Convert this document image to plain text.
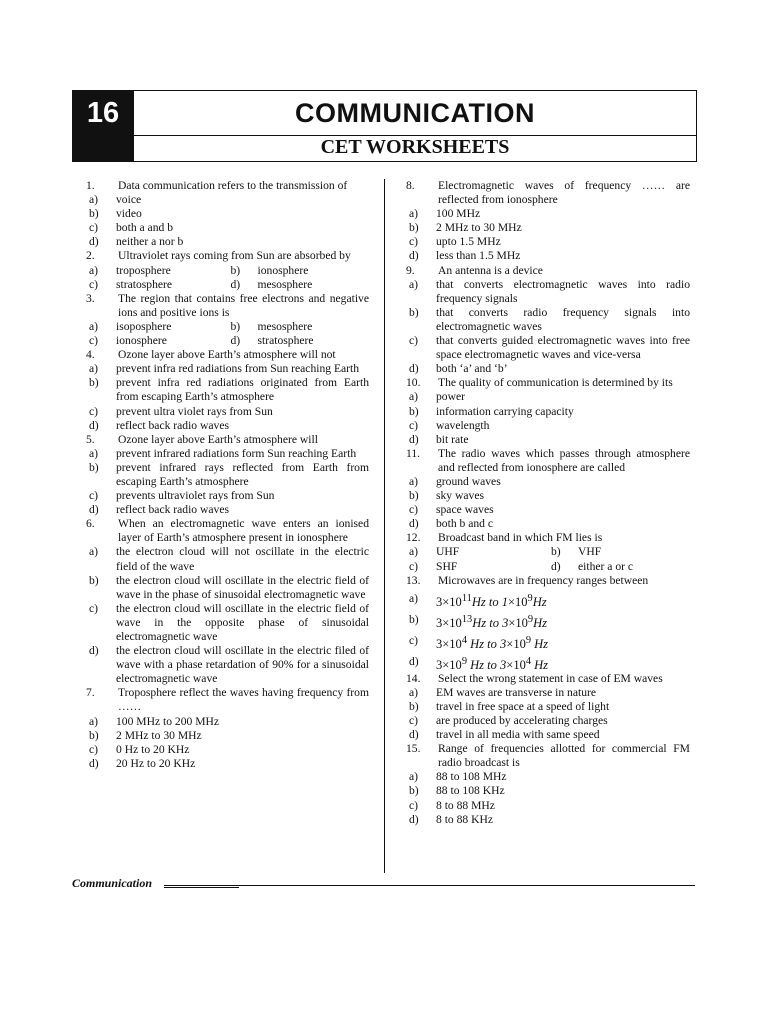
16	COMMUNICATION
CET WORKSHEETS
1. Data communication refers to the transmission of
a) voice
b) video
c) both a and b
d) neither a nor b
2. Ultraviolet rays coming from Sun are absorbed by
a) troposphere	b) ionosphere
c) stratosphere	d) mesosphere
3. The region that contains free electrons and negative ions and positive ions is
a) isoposphere	b) mesosphere
c) ionosphere	d) stratosphere
4. Ozone layer above Earth’s atmosphere will not
a) prevent infra red radiations from Sun reaching Earth
b) prevent infra red radiations originated from Earth from escaping Earth’s atmosphere
c) prevent ultra violet rays from Sun
d) reflect back radio waves
5. Ozone layer above Earth’s atmosphere will
a) prevent infrared radiations form Sun reaching Earth
b) prevent infrared rays reflected from Earth from escaping Earth’s atmosphere
c) prevents ultraviolet rays from Sun
d) reflect back radio waves
6. When an electromagnetic wave enters an ionised layer of Earth’s atmosphere present in ionosphere
a) the electron cloud will not oscillate in the electric field of the wave
b) the electron cloud will oscillate in the electric field of wave in the phase of sinusoidal electromagnetic wave
c) the electron cloud will oscillate in the electric field of wave in the opposite phase of sinusoidal electromagnetic wave
d) the electron cloud will oscillate in the electric filed of wave with a phase retardation of 90% for a sinusoidal electromagnetic wave
7. Troposphere reflect the waves having frequency from ……
a) 100 MHz to 200 MHz
b) 2 MHz to 30 MHz
c) 0 Hz to 20 KHz
d) 20 Hz to 20 KHz
8. Electromagnetic waves of frequency …… are reflected from ionosphere
a) 100 MHz
b) 2 MHz to 30 MHz
c) upto 1.5 MHz
d) less than 1.5 MHz
9. An antenna is a device
a) that converts electromagnetic waves into radio frequency signals
b) that converts radio frequency signals into electromagnetic waves
c) that converts guided electromagnetic waves into free space electromagnetic waves and vice-versa
d) both ‘a’ and ‘b’
10. The quality of communication is determined by its
a) power
b) information carrying capacity
c) wavelength
d) bit rate
11. The radio waves which passes through atmosphere and reflected from ionosphere are called
a) ground waves
b) sky waves
c) space waves
d) both b and c
12. Broadcast band in which FM lies is
a) UHF	b) VHF
c) SHF	d) either a or c
13. Microwaves are in frequency ranges between
a) $3\times 10^{11}Hz$ to $1\times 10^9Hz$
b) $3\times 10^{13}Hz$ to $3\times 10^9Hz$
c) $3\times 10^4$ Hz to $3\times 10^9$ Hz
d) $3\times 10^9$ Hz to $3\times 10^4$ Hz
14. Select the wrong statement in case of EM waves
a) EM waves are transverse in nature
b) travel in free space at a speed of light
c) are produced by accelerating charges
d) travel in all media with same speed
15. Range of frequencies allotted for commercial FM radio broadcast is
a) 88 to 108 MHz
b) 88 to 108 KHz
c) 8 to 88 MHz
d) 8 to 88 KHz
Communication
